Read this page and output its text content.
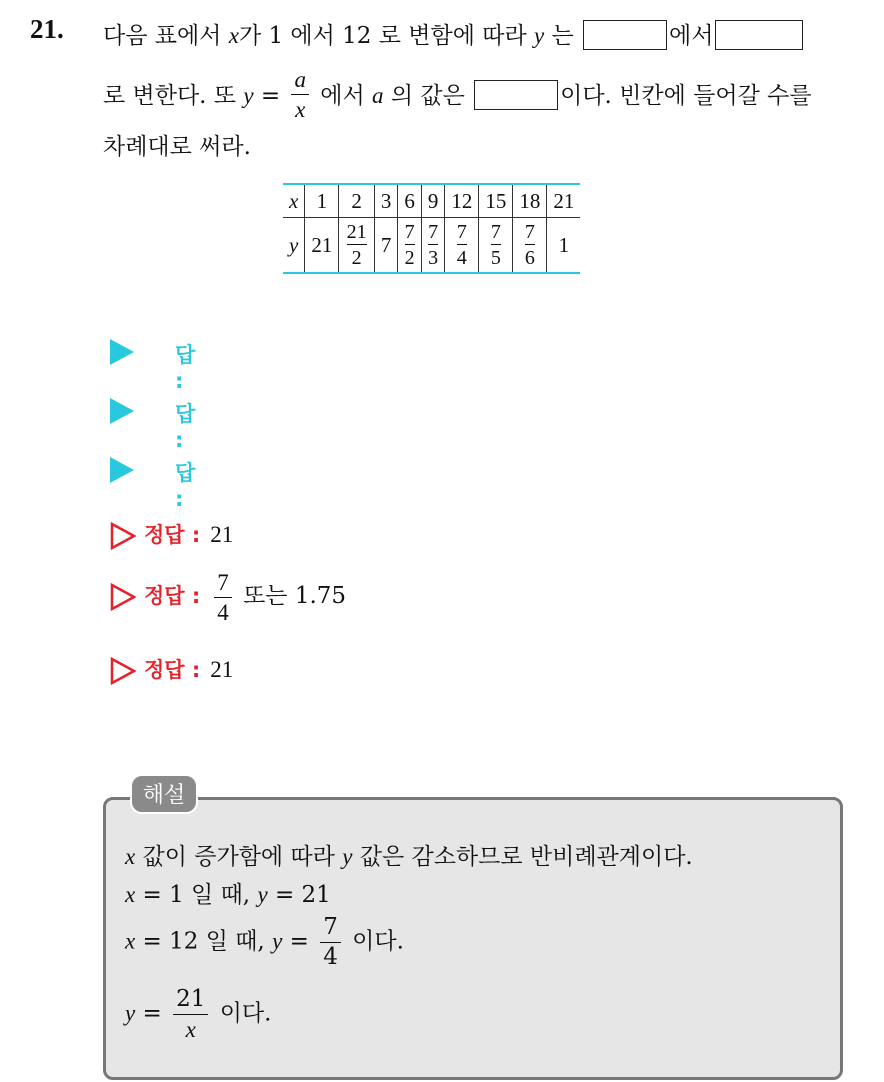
21. 다음 표에서 x가 1 에서 12 로 변함에 따라 y 는	에서
로 변한다. 또 $y = \frac{a}{x}$ 에서 a 의 값은	이다. 빈칸에 들어갈 수를
차례대로 써라.
x	1	2	3	6	9	12	15	18	21
y	21	$\frac{21}{2}$	7	$\frac{7}{2}$	$\frac{7}{3}$	$\frac{7}{4}$	$\frac{7}{5}$	$\frac{7}{6}$	1
답 :
답 :
답 :
정답 : 21
정답 : $\frac{7}{4}$ 또는 1.75
정답 : 21
해설
x 값이 증가함에 따라 y 값은 감소하므로 반비례관계이다.
x = 1 일 때, y = 21
x = 12 일 때, $y = \frac{7}{4}$ 이다.
$y = \frac{21}{x}$ 이다.
